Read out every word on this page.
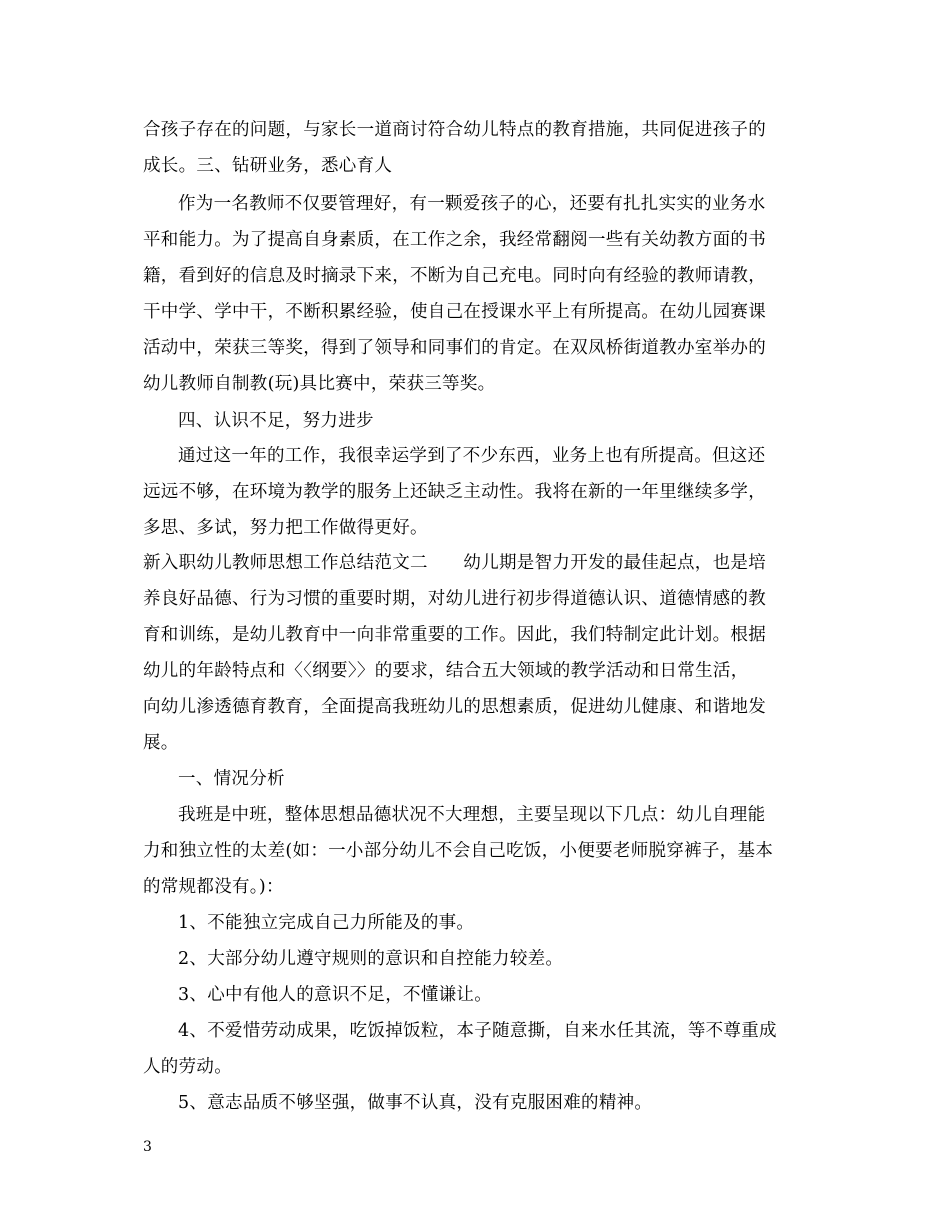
合孩子存在的问题，与家长一道商讨符合幼儿特点的教育措施，共同促进孩子的
成长。三、钻研业务，悉心育人
作为一名教师不仅要管理好，有一颗爱孩子的心，还要有扎扎实实的业务水
平和能力。为了提高自身素质，在工作之余，我经常翻阅一些有关幼教方面的书
籍，看到好的信息及时摘录下来，不断为自己充电。同时向有经验的教师请教，
干中学、学中干，不断积累经验，使自己在授课水平上有所提高。在幼儿园赛课
活动中，荣获三等奖，得到了领导和同事们的肯定。在双凤桥街道教办室举办的
幼儿教师自制教(玩)具比赛中，荣获三等奖。
四、认识不足，努力进步
通过这一年的工作，我很幸运学到了不少东西，业务上也有所提高。但这还
远远不够，在环境为教学的服务上还缺乏主动性。我将在新的一年里继续多学，
多思、多试，努力把工作做得更好。
新入职幼儿教师思想工作总结范文二　　幼儿期是智力开发的最佳起点，也是培
养良好品德、行为习惯的重要时期，对幼儿进行初步得道德认识、道德情感的教
育和训练，是幼儿教育中一向非常重要的工作。因此，我们特制定此计划。根据
幼儿的年龄特点和〈〈纲要〉〉的要求，结合五大领域的教学活动和日常生活，
向幼儿渗透德育教育，全面提高我班幼儿的思想素质，促进幼儿健康、和谐地发
展。
一、情况分析
我班是中班，整体思想品德状况不大理想，主要呈现以下几点：幼儿自理能
力和独立性的太差(如：一小部分幼儿不会自己吃饭，小便要老师脱穿裤子，基本
的常规都没有。)：
1、不能独立完成自己力所能及的事。
2、大部分幼儿遵守规则的意识和自控能力较差。
3、心中有他人的意识不足，不懂谦让。
4、不爱惜劳动成果，吃饭掉饭粒，本子随意撕，自来水任其流，等不尊重成
人的劳动。
5、意志品质不够坚强，做事不认真，没有克服困难的精神。
3
